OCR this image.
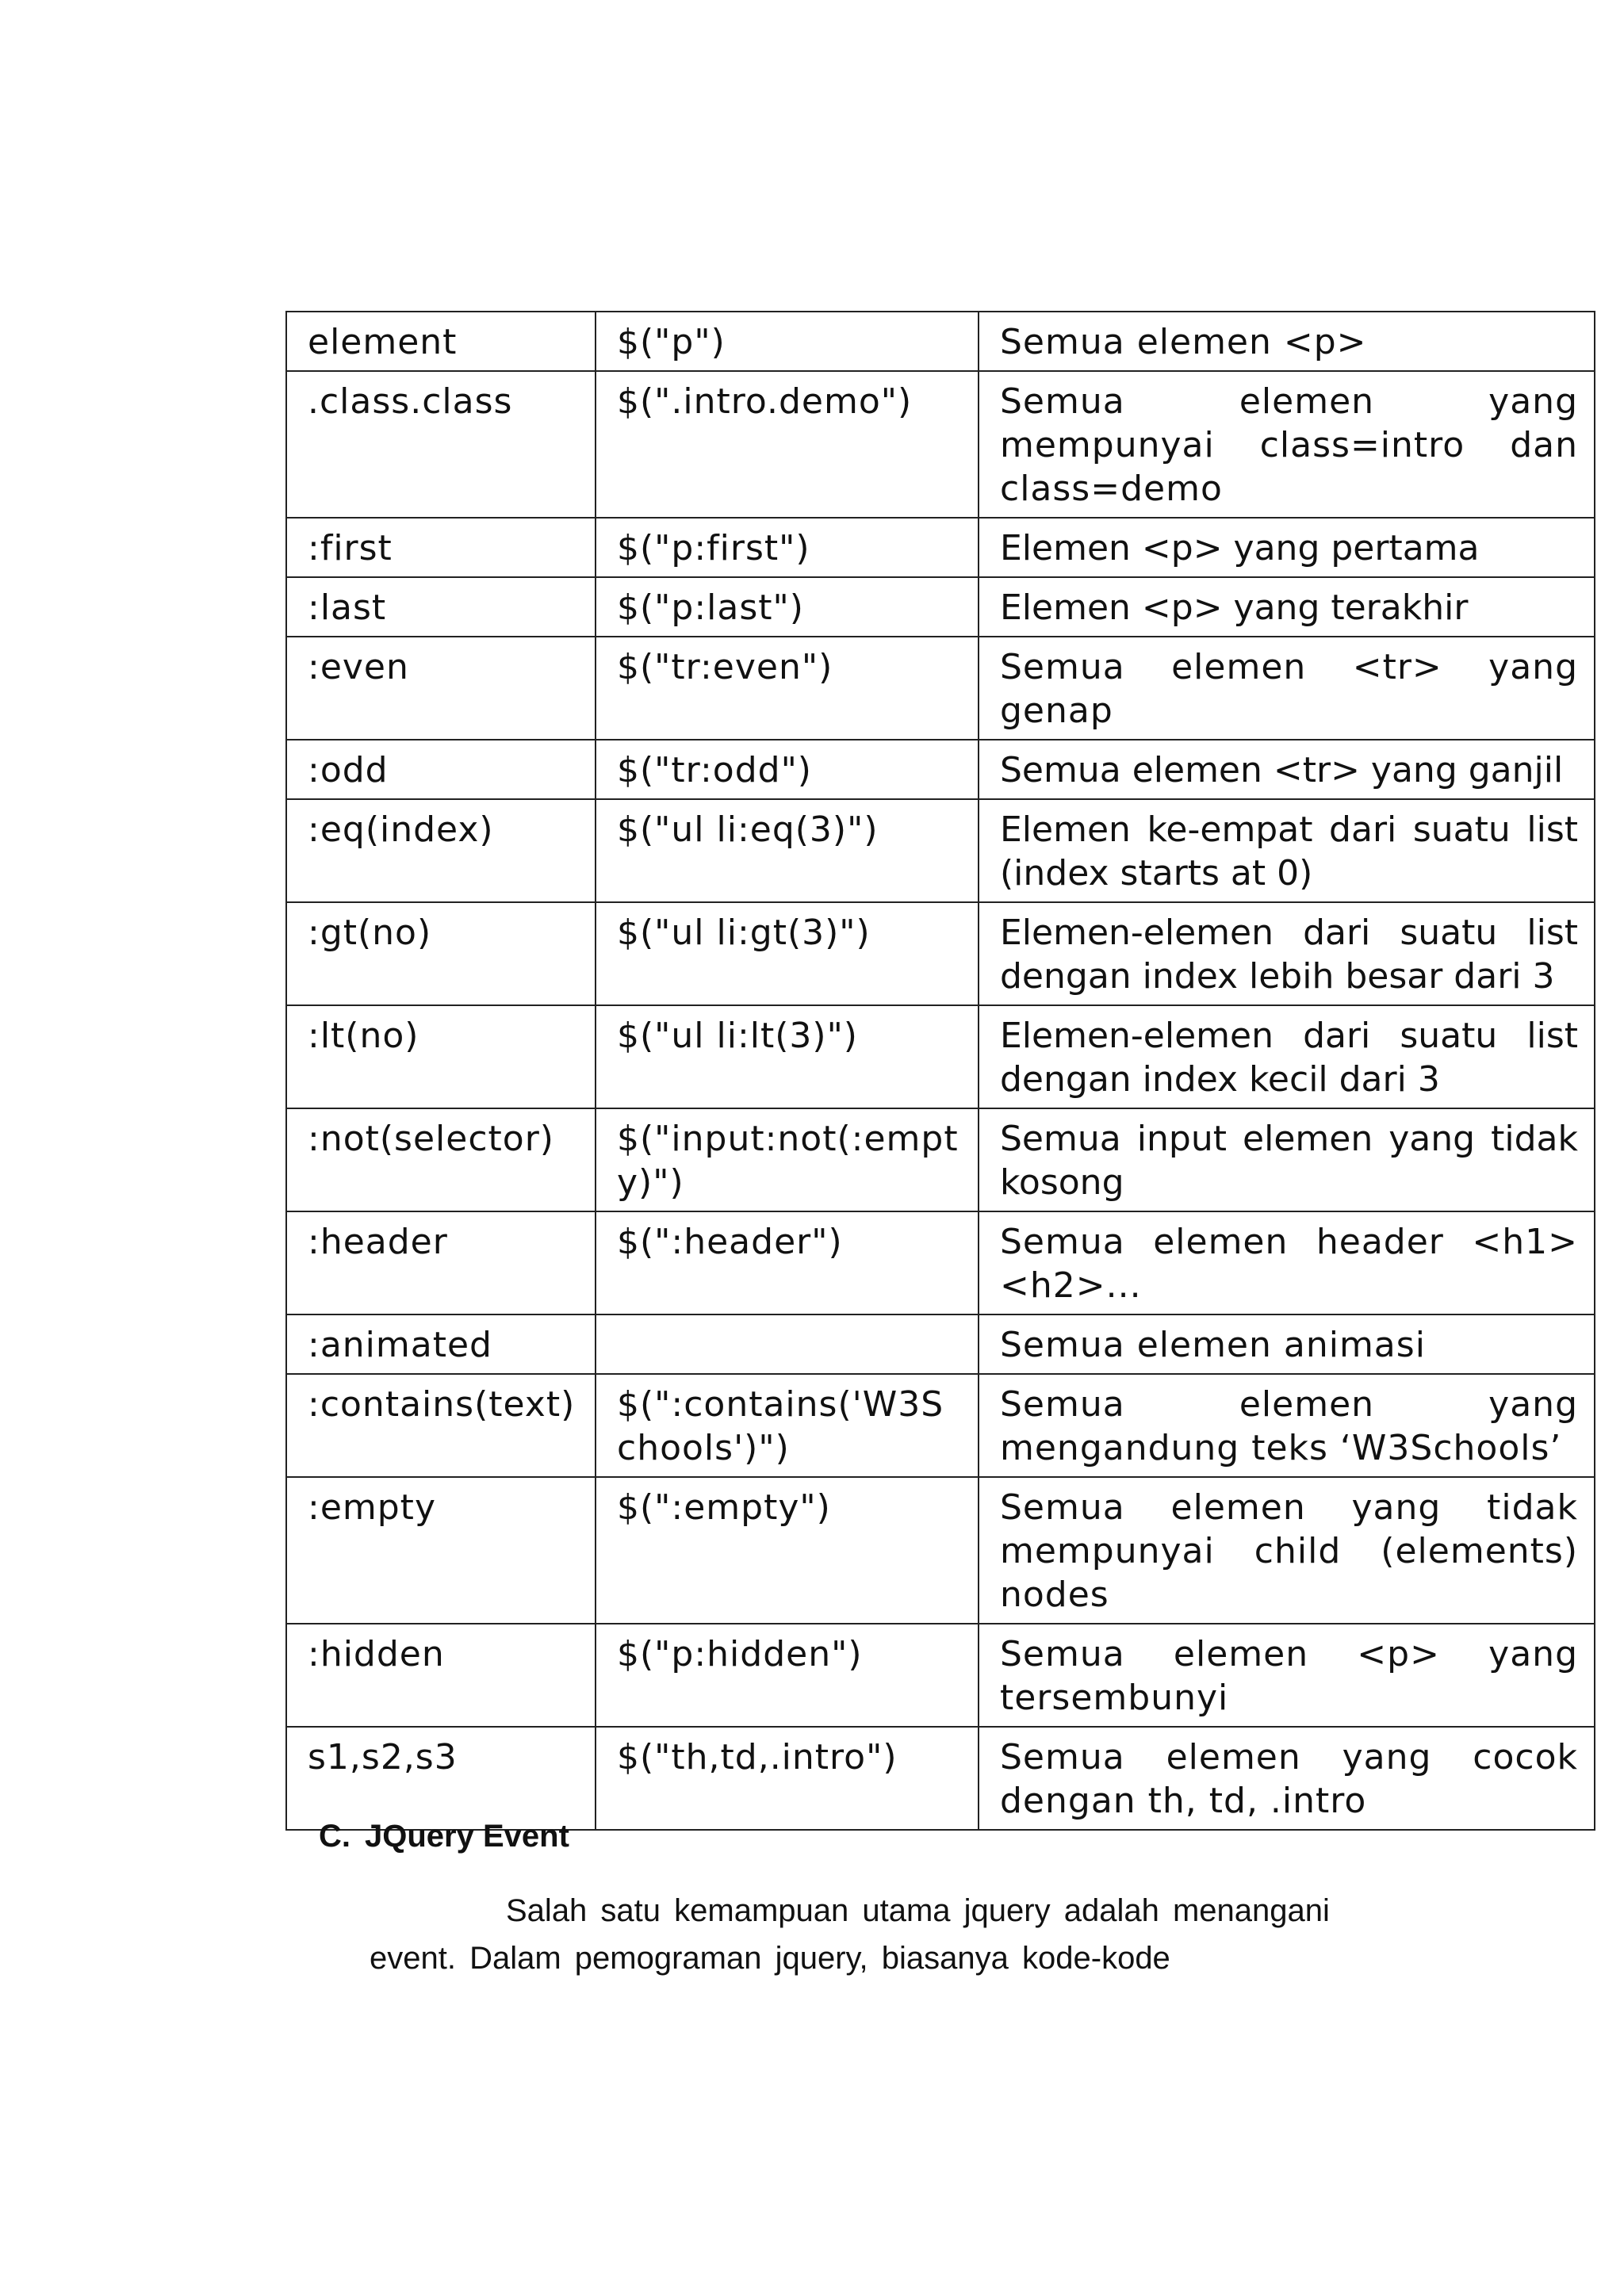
element	$("p")	Semua elemen <p>
.class.class	$(".intro.demo")	Semua elemen yang mempunyai class=intro dan class=demo
:first	$("p:first")	Elemen <p> yang pertama
:last	$("p:last")	Elemen <p> yang terakhir
:even	$("tr:even")	Semua elemen <tr> yang genap
:odd	$("tr:odd")	Semua elemen <tr> yang ganjil
:eq(index)	$("ul li:eq(3)")	Elemen ke-empat dari suatu list (index starts at 0)
:gt(no)	$("ul li:gt(3)")	Elemen-elemen dari suatu list dengan index lebih besar dari 3
:lt(no)	$("ul li:lt(3)")	Elemen-elemen dari suatu list dengan index kecil dari 3
:not(selector)	$("input:not(:empty)")	Semua input elemen yang tidak kosong
:header	$(":header")	Semua elemen header <h1><h2>...
:animated		Semua elemen animasi
:contains(text)	$(":contains('W3Schools')")	Semua elemen yang mengandung teks ‘W3Schools’
:empty	$(":empty")	Semua elemen yang tidak mempunyai child (elements) nodes
:hidden	$("p:hidden")	Semua elemen <p> yang tersembunyi
s1,s2,s3	$("th,td,.intro")	Semua elemen yang cocok dengan th, td, .intro
C. JQuery Event

Salah satu kemampuan utama jquery adalah menangani event. Dalam pemograman jquery, biasanya kode-kode
